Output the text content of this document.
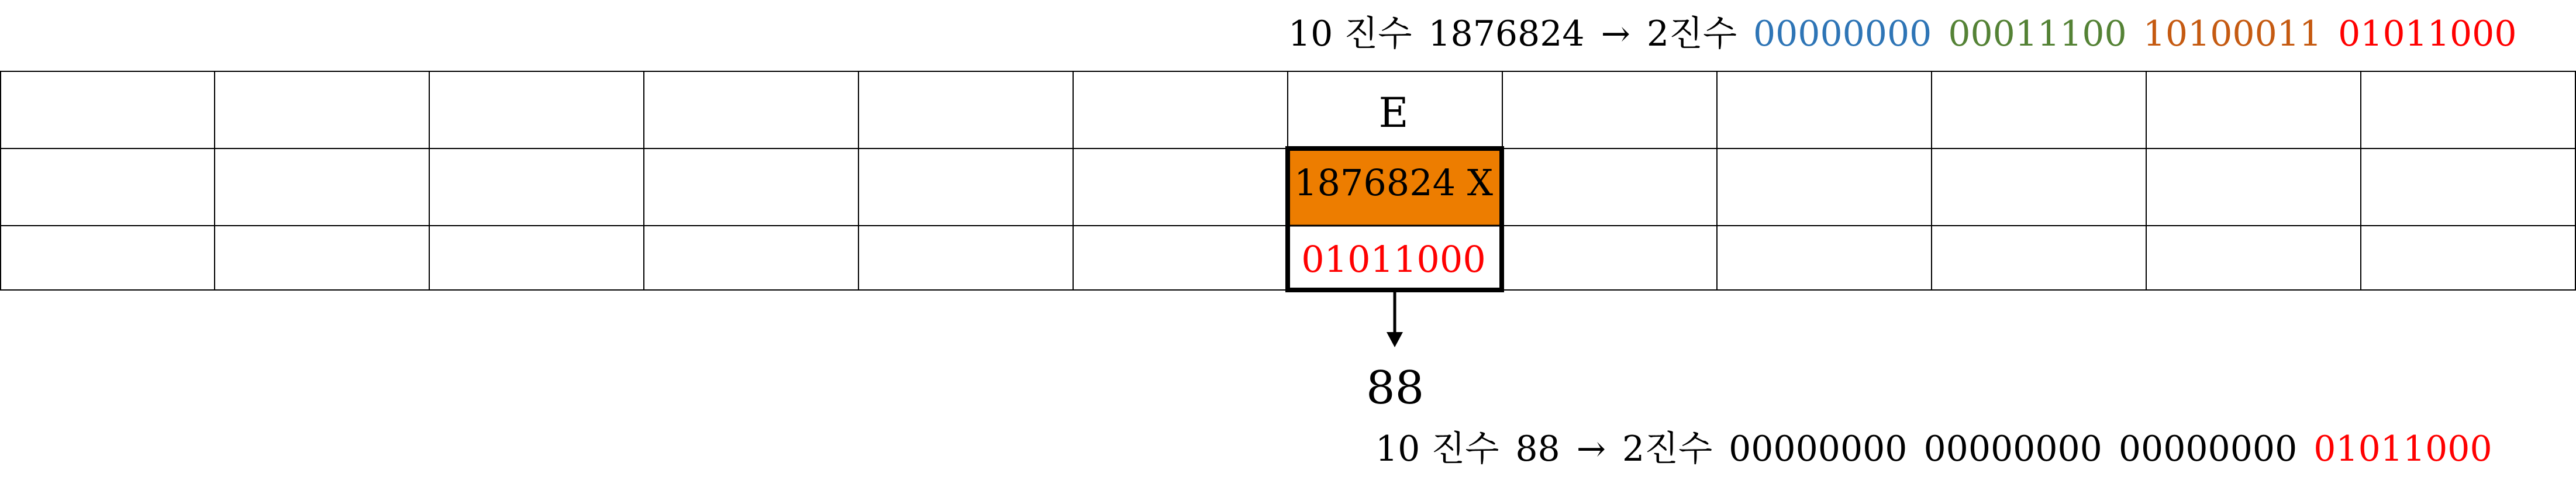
10 진수 1876824 → 2진수 00000000 00011100 10100011 01011000
E
1876824 X
01011000
88
10 진수 88 → 2진수 00000000 00000000 00000000 01011000
